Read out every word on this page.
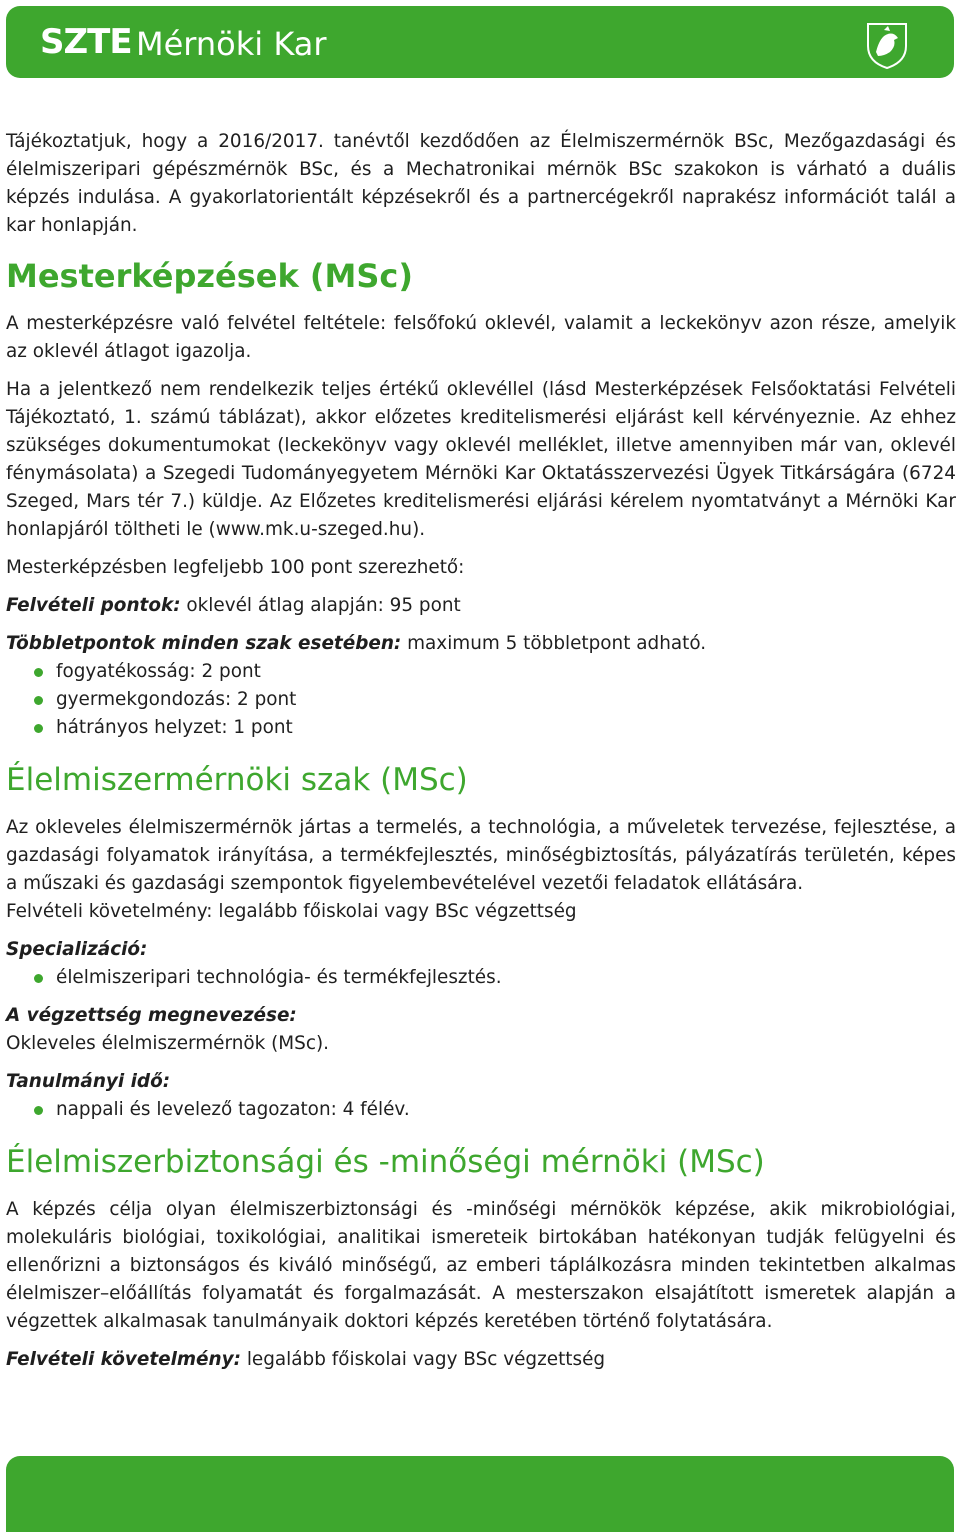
SZTE Mérnöki Kar

Tájékoztatjuk, hogy a 2016/2017. tanévtől kezdődően az Élelmiszermérnök BSc, Mezőgazdasági és élelmiszeripari gépészmérnök BSc, és a Mechatronikai mérnök BSc szakokon is várható a duális képzés indulása. A gyakorlatorientált képzésekről és a partnercégekről naprakész információt talál a kar honlapján.

Mesterképzések (MSc)

A mesterképzésre való felvétel feltétele: felsőfokú oklevél, valamit a leckekönyv azon része, amelyik az oklevél átlagot igazolja.

Ha a jelentkező nem rendelkezik teljes értékű oklevéllel (lásd Mesterképzések Felsőoktatási Felvételi Tájékoztató, 1. számú táblázat), akkor előzetes kreditelismerési eljárást kell kérvényeznie. Az ehhez szükséges dokumentumokat (leckekönyv vagy oklevél melléklet, illetve amennyiben már van, oklevél fénymásolata) a Szegedi Tudományegyetem Mérnöki Kar Oktatásszervezési Ügyek Titkárságára (6724 Szeged, Mars tér 7.) küldje. Az Előzetes kreditelismerési eljárási kérelem nyomtatványt a Mérnöki Kar honlapjáról töltheti le (www.mk.u-szeged.hu).

Mesterképzésben legfeljebb 100 pont szerezhető:

Felvételi pontok: oklevél átlag alapján: 95 pont

Többletpontok minden szak esetében: maximum 5 többletpont adható.

fogyatékosság: 2 pont
gyermekgondozás: 2 pont
hátrányos helyzet: 1 pont
Élelmiszermérnöki szak (MSc)

Az okleveles élelmiszermérnök jártas a termelés, a technológia, a műveletek tervezése, fejlesztése, a gazdasági folyamatok irányítása, a termékfejlesztés, minőségbiztosítás, pályázatírás területén, képes a műszaki és gazdasági szempontok figyelembevételével vezetői feladatok ellátására.

Felvételi követelmény: legalább főiskolai vagy BSc végzettség

Specializáció:

élelmiszeripari technológia- és termékfejlesztés.

A végzettség megnevezése:

Okleveles élelmiszermérnök (MSc).

Tanulmányi idő:

nappali és levelező tagozaton: 4 félév.
Élelmiszerbiztonsági és -minőségi mérnöki (MSc)

A képzés célja olyan élelmiszerbiztonsági és -minőségi mérnökök képzése, akik mikrobiológiai, molekuláris biológiai, toxikológiai, analitikai ismereteik birtokában hatékonyan tudják felügyelni és ellenőrizni a biztonságos és kiváló minőségű, az emberi táplálkozásra minden tekintetben alkalmas élelmiszer–előállítás folyamatát és forgalmazását. A mesterszakon elsajátított ismeretek alapján a végzettek alkalmasak tanulmányaik doktori képzés keretében történő folytatására.

Felvételi követelmény: legalább főiskolai vagy BSc végzettség
